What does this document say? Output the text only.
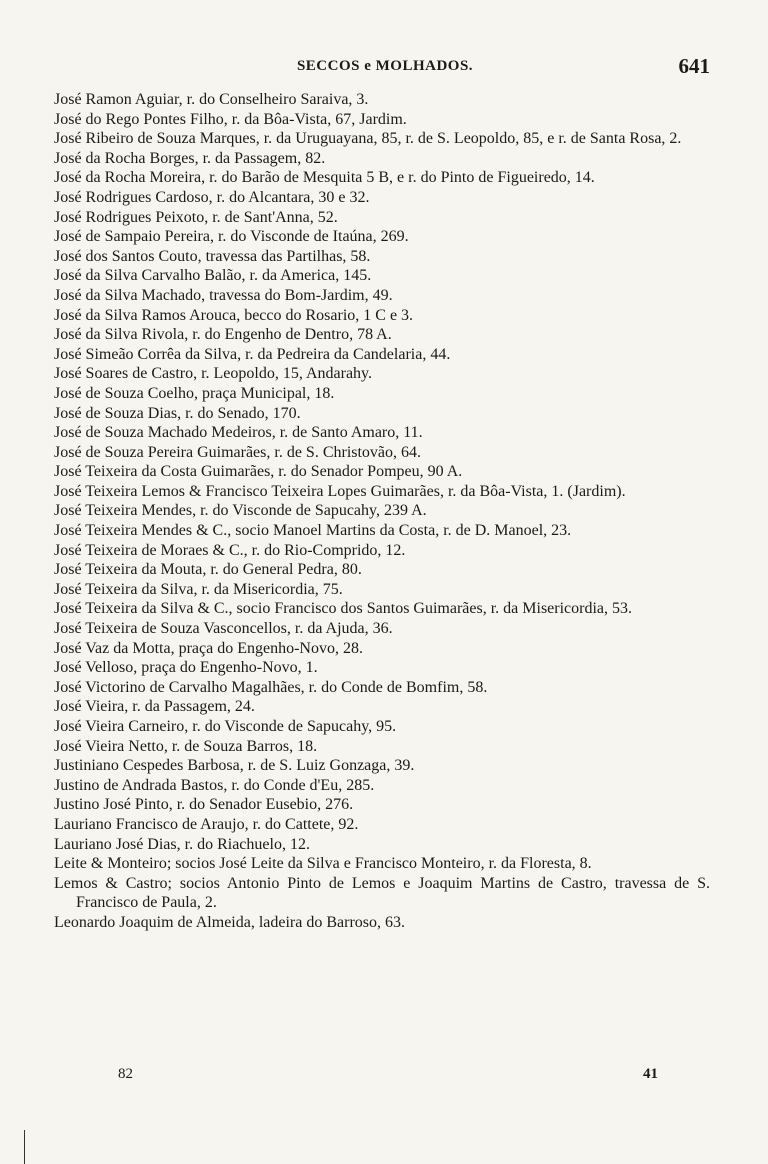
SECCOS e MOLHADOS.	641
José Ramon Aguiar, r. do Conselheiro Saraiva, 3.
José do Rego Pontes Filho, r. da Bôa-Vista, 67, Jardim.
José Ribeiro de Souza Marques, r. da Uruguayana, 85, r. de S. Leopoldo, 85, e r. de Santa Rosa, 2.
José da Rocha Borges, r. da Passagem, 82.
José da Rocha Moreira, r. do Barão de Mesquita 5 B, e r. do Pinto de Figueiredo, 14.
José Rodrigues Cardoso, r. do Alcantara, 30 e 32.
José Rodrigues Peixoto, r. de Sant'Anna, 52.
José de Sampaio Pereira, r. do Visconde de Itaúna, 269.
José dos Santos Couto, travessa das Partilhas, 58.
José da Silva Carvalho Balão, r. da America, 145.
José da Silva Machado, travessa do Bom-Jardim, 49.
José da Silva Ramos Arouca, becco do Rosario, 1 C e 3.
José da Silva Rivola, r. do Engenho de Dentro, 78 A.
José Simeão Corrêa da Silva, r. da Pedreira da Candelaria, 44.
José Soares de Castro, r. Leopoldo, 15, Andarahy.
José de Souza Coelho, praça Municipal, 18.
José de Souza Dias, r. do Senado, 170.
José de Souza Machado Medeiros, r. de Santo Amaro, 11.
José de Souza Pereira Guimarães, r. de S. Christovão, 64.
José Teixeira da Costa Guimarães, r. do Senador Pompeu, 90 A.
José Teixeira Lemos & Francisco Teixeira Lopes Guimarães, r. da Bôa-Vista, 1. (Jardim).
José Teixeira Mendes, r. do Visconde de Sapucahy, 239 A.
José Teixeira Mendes & C., socio Manoel Martins da Costa, r. de D. Manoel, 23.
José Teixeira de Moraes & C., r. do Rio-Comprido, 12.
José Teixeira da Mouta, r. do General Pedra, 80.
José Teixeira da Silva, r. da Misericordia, 75.
José Teixeira da Silva & C., socio Francisco dos Santos Guimarães, r. da Misericordia, 53.
José Teixeira de Souza Vasconcellos, r. da Ajuda, 36.
José Vaz da Motta, praça do Engenho-Novo, 28.
José Velloso, praça do Engenho-Novo, 1.
José Victorino de Carvalho Magalhães, r. do Conde de Bomfim, 58.
José Vieira, r. da Passagem, 24.
José Vieira Carneiro, r. do Visconde de Sapucahy, 95.
José Vieira Netto, r. de Souza Barros, 18.
Justiniano Cespedes Barbosa, r. de S. Luiz Gonzaga, 39.
Justino de Andrada Bastos, r. do Conde d'Eu, 285.
Justino José Pinto, r. do Senador Eusebio, 276.
Lauriano Francisco de Araujo, r. do Cattete, 92.
Lauriano José Dias, r. do Riachuelo, 12.
Leite & Monteiro; socios José Leite da Silva e Francisco Monteiro, r. da Floresta, 8.
Lemos & Castro; socios Antonio Pinto de Lemos e Joaquim Martins de Castro, travessa de S. Francisco de Paula, 2.
Leonardo Joaquim de Almeida, ladeira do Barroso, 63.
82	41
